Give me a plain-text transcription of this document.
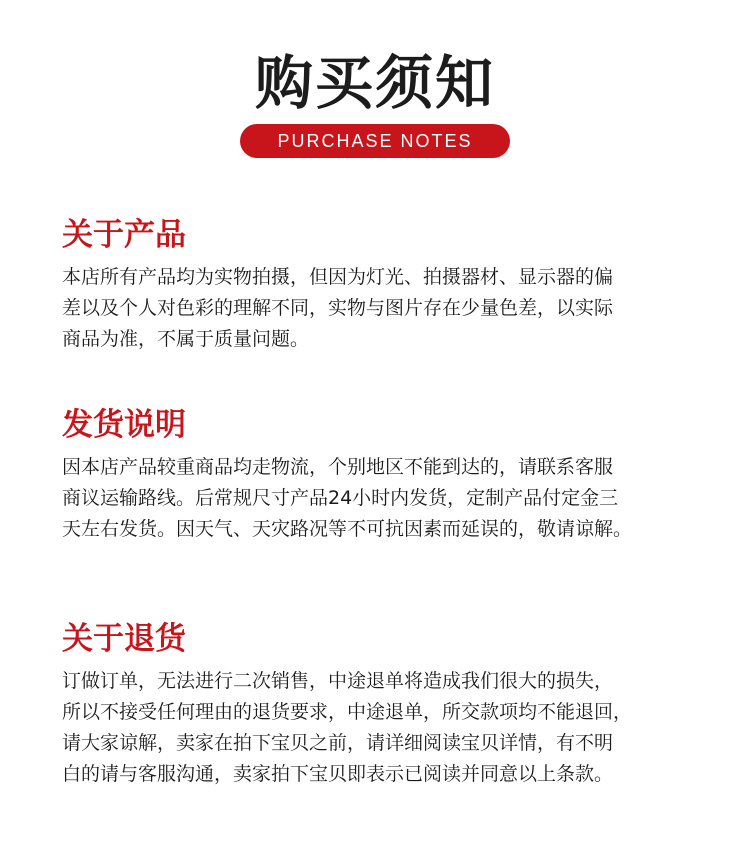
购买须知
PURCHASE NOTES
关于产品

本店所有产品均为实物拍摄，但因为灯光、拍摄器材、显示器的偏
差以及个人对色彩的理解不同，实物与图片存在少量色差，以实际
商品为准，不属于质量问题。

发货说明

因本店产品较重商品均走物流，个别地区不能到达的，请联系客服
商议运输路线。后常规尺寸产品24小时内发货，定制产品付定金三
天左右发货。因天气、天灾路况等不可抗因素而延误的，敬请谅解。

关于退货

订做订单，无法进行二次销售，中途退单将造成我们很大的损失，
所以不接受任何理由的退货要求，中途退单，所交款项均不能退回，
请大家谅解，卖家在拍下宝贝之前，请详细阅读宝贝详情，有不明
白的请与客服沟通，卖家拍下宝贝即表示已阅读并同意以上条款。
